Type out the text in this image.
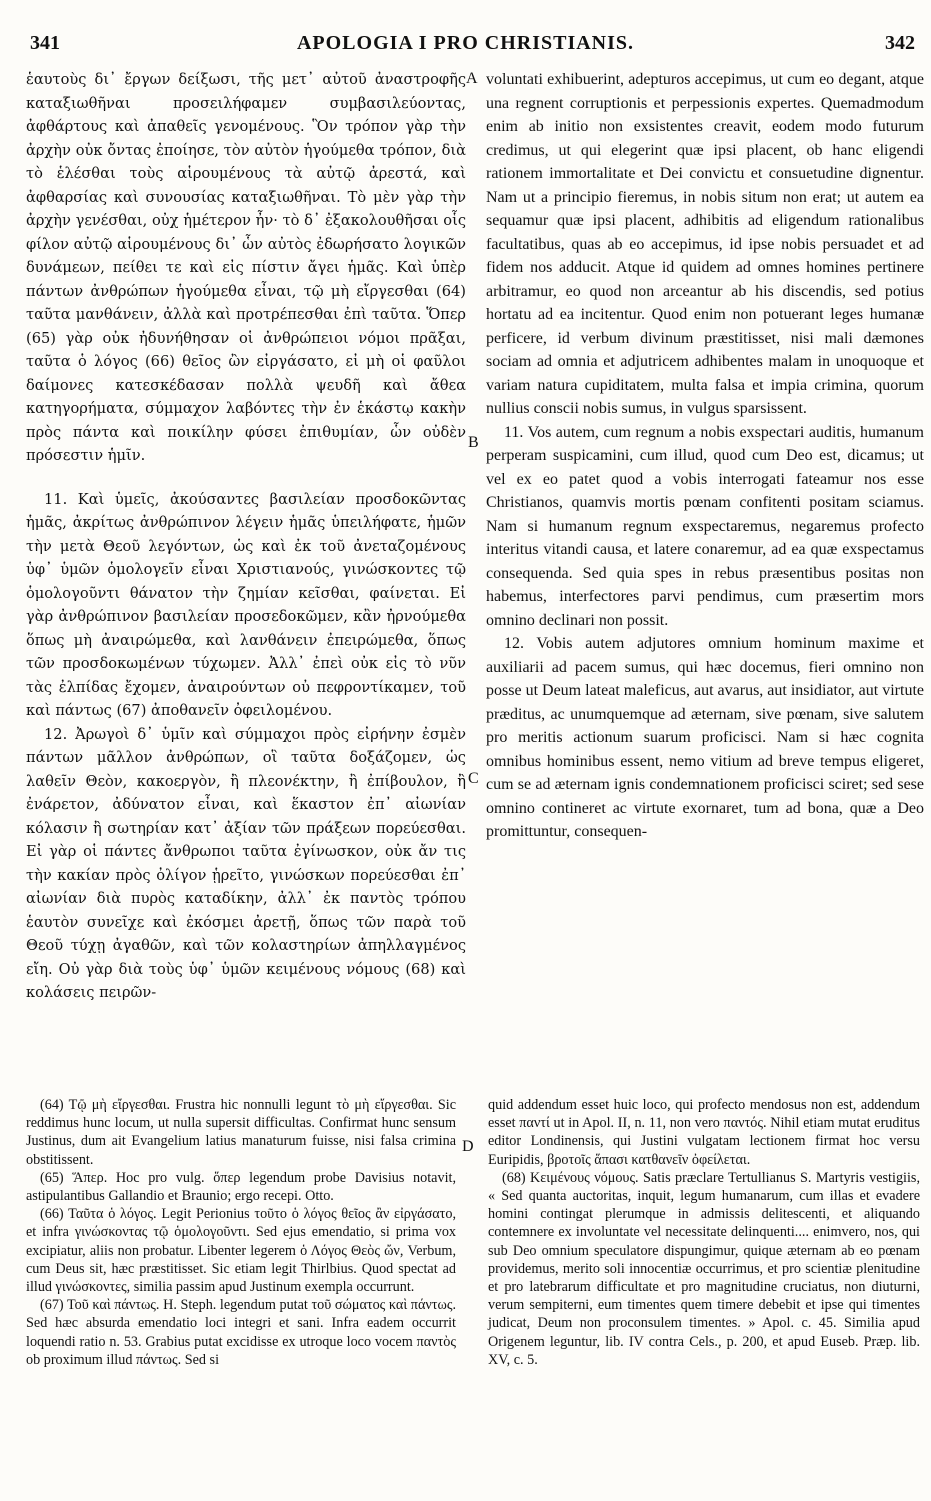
341	APOLOGIA I PRO CHRISTIANIS.	342

ἑαυτοὺς δι᾿ ἔργων δείξωσι, τῆς μετ᾿ αὐτοῦ ἀναστροφῆς καταξιωθῆναι προσειλήφαμεν συμβασιλεύοντας, ἀφθάρτους καὶ ἀπαθεῖς γενομένους. Ὃν τρόπον γὰρ τὴν ἀρχὴν οὐκ ὄντας ἐποίησε, τὸν αὐτὸν ἡγούμεθα τρόπον, διὰ τὸ ἑλέσθαι τοὺς αἱρουμένους τὰ αὐτῷ ἀρεστά, καὶ ἀφθαρσίας καὶ συνουσίας καταξιωθῆναι. Τὸ μὲν γὰρ τὴν ἀρχὴν γενέσθαι, οὐχ ἡμέτερον ἦν· τὸ δ᾿ ἐξακολουθῆσαι οἷς φίλον αὐτῷ αἱρουμένους δι᾿ ὧν αὐτὸς ἐδωρήσατο λογικῶν δυνάμεων, πείθει τε καὶ εἰς πίστιν ἄγει ἡμᾶς. Καὶ ὑπὲρ πάντων ἀνθρώπων ἡγούμεθα εἶναι, τῷ μὴ εἴργεσθαι (64) ταῦτα μανθάνειν, ἀλλὰ καὶ προτρέπεσθαι ἐπὶ ταῦτα. Ὅπερ (65) γὰρ οὐκ ἠδυνήθησαν οἱ ἀνθρώπειοι νόμοι πρᾶξαι, ταῦτα ὁ λόγος (66) θεῖος ὢν εἰργάσατο, εἰ μὴ οἱ φαῦλοι δαίμονες κατεσκέδασαν πολλὰ ψευδῆ καὶ ἄθεα κατηγορήματα, σύμμαχον λαβόντες τὴν ἐν ἑκάστῳ κακὴν πρὸς πάντα καὶ ποικίλην φύσει ἐπιθυμίαν, ὧν οὐδὲν πρόσεστιν ἡμῖν.

11. Καὶ ὑμεῖς, ἀκούσαντες βασιλείαν προσδοκῶντας ἡμᾶς, ἀκρίτως ἀνθρώπινον λέγειν ἡμᾶς ὑπειλήφατε, ἡμῶν τὴν μετὰ Θεοῦ λεγόντων, ὡς καὶ ἐκ τοῦ ἀνεταζομένους ὑφ᾿ ὑμῶν ὁμολογεῖν εἶναι Χριστιανούς, γινώσκοντες τῷ ὁμολογοῦντι θάνατον τὴν ζημίαν κεῖσθαι, φαίνεται. Εἰ γὰρ ἀνθρώπινον βασιλείαν προσεδοκῶμεν, κἂν ἠρνούμεθα ὅπως μὴ ἀναιρώμεθα, καὶ λανθάνειν ἐπειρώμεθα, ὅπως τῶν προσδοκωμένων τύχωμεν. Ἀλλ᾿ ἐπεὶ οὐκ εἰς τὸ νῦν τὰς ἐλπίδας ἔχομεν, ἀναιρούντων οὐ πεφροντίκαμεν, τοῦ καὶ πάντως (67) ἀποθανεῖν ὀφειλομένου.

12. Ἀρωγοὶ δ᾿ ὑμῖν καὶ σύμμαχοι πρὸς εἰρήνην ἐσμὲν πάντων μᾶλλον ἀνθρώπων, οἳ ταῦτα δοξάζομεν, ὡς λαθεῖν Θεὸν, κακοεργὸν, ἢ πλεονέκτην, ἢ ἐπίβουλον, ἢ ἐνάρετον, ἀδύνατον εἶναι, καὶ ἕκαστον ἐπ᾿ αἰωνίαν κόλασιν ἢ σωτηρίαν κατ᾿ ἀξίαν τῶν πράξεων πορεύεσθαι. Εἰ γὰρ οἱ πάντες ἄνθρωποι ταῦτα ἐγίνωσκον, οὐκ ἄν τις τὴν κακίαν πρὸς ὀλίγον ᾑρεῖτο, γινώσκων πορεύεσθαι ἐπ᾿ αἰωνίαν διὰ πυρὸς καταδίκην, ἀλλ᾿ ἐκ παντὸς τρόπου ἑαυτὸν συνεῖχε καὶ ἐκόσμει ἀρετῇ, ὅπως τῶν παρὰ τοῦ Θεοῦ τύχῃ ἀγαθῶν, καὶ τῶν κολαστηρίων ἀπηλλαγμένος εἴη. Οὐ γὰρ διὰ τοὺς ὑφ᾿ ὑμῶν κειμένους νόμους (68) καὶ κολάσεις πειρῶν-

A
B
C
D

voluntati exhibuerint, adepturos accepimus, ut cum eo degant, atque una regnent corruptionis et perpessionis expertes. Quemadmodum enim ab initio non exsistentes creavit, eodem modo futurum credimus, ut qui elegerint quæ ipsi placent, ob hanc eligendi rationem immortalitate et Dei convictu et consuetudine dignentur. Nam ut a principio fieremus, in nobis situm non erat; ut autem ea sequamur quæ ipsi placent, adhibitis ad eligendum rationalibus facultatibus, quas ab eo accepimus, id ipse nobis persuadet et ad fidem nos adducit. Atque id quidem ad omnes homines pertinere arbitramur, eo quod non arceantur ab his discendis, sed potius hortatu ad ea incitentur. Quod enim non potuerant leges humanæ perficere, id verbum divinum præstitisset, nisi mali dæmones sociam ad omnia et adjutricem adhibentes malam in unoquoque et variam natura cupiditatem, multa falsa et impia crimina, quorum nullius conscii nobis sumus, in vulgus sparsissent.

11. Vos autem, cum regnum a nobis exspectari auditis, humanum perperam suspicamini, cum illud, quod cum Deo est, dicamus; ut vel ex eo patet quod a vobis interrogati fateamur nos esse Christianos, quamvis mortis pœnam confitenti positam sciamus. Nam si humanum regnum exspectaremus, negaremus profecto interitus vitandi causa, et latere conaremur, ad ea quæ exspectamus consequenda. Sed quia spes in rebus præsentibus positas non habemus, interfectores parvi pendimus, cum præsertim mors omnino declinari non possit.

12. Vobis autem adjutores omnium hominum maxime et auxiliarii ad pacem sumus, qui hæc docemus, fieri omnino non posse ut Deum lateat maleficus, aut avarus, aut insidiator, aut virtute præditus, ac unumquemque ad æternam, sive pœnam, sive salutem pro meritis actionum suarum proficisci. Nam si hæc cognita omnibus hominibus essent, nemo vitium ad breve tempus eligeret, cum se ad æternam ignis condemnationem proficisci sciret; sed sese omnino contineret ac virtute exornaret, tum ad bona, quæ a Deo promittuntur, consequen-

(64) Τῷ μὴ εἴργεσθαι. Frustra hic nonnulli legunt τὸ μὴ εἴργεσθαι. Sic reddimus hunc locum, ut nulla supersit difficultas. Confirmat hunc sensum Justinus, dum ait Evangelium latius manaturum fuisse, nisi falsa crimina obstitissent.

(65) Ἅπερ. Hoc pro vulg. ὅπερ legendum probe Davisius notavit, astipulantibus Gallandio et Braunio; ergo recepi. Otto.

(66) Ταῦτα ὁ λόγος. Legit Perionius τοῦτο ὁ λόγος θεῖος ἂν εἰργάσατο, et infra γινώσκοντας τῷ ὁμολογοῦντι. Sed ejus emendatio, si prima vox excipiatur, aliis non probatur. Libenter legerem ὁ Λόγος Θεὸς ὤν, Verbum, cum Deus sit, hæc præstitisset. Sic etiam legit Thirlbius. Quod spectat ad illud γινώσκοντες, similia passim apud Justinum exempla occurrunt.

(67) Τοῦ καὶ πάντως. H. Steph. legendum putat τοῦ σώματος καὶ πάντως. Sed hæc absurda emendatio loci integri et sani. Infra eadem occurrit loquendi ratio n. 53. Grabius putat excidisse ex utroque loco vocem παντὸς ob proximum illud πάντως. Sed si

quid addendum esset huic loco, qui profecto mendosus non est, addendum esset παντί ut in Apol. II, n. 11, non vero παντός. Nihil etiam mutat eruditus editor Londinensis, qui Justini vulgatam lectionem firmat hoc versu Euripidis, βροτοῖς ἅπασι κατθανεῖν ὀφείλεται.

(68) Κειμένους νόμους. Satis præclare Tertullianus S. Martyris vestigiis, « Sed quanta auctoritas, inquit, legum humanarum, cum illas et evadere homini contingat plerumque in admissis delitescenti, et aliquando contemnere ex involuntate vel necessitate delinquenti.... enimvero, nos, qui sub Deo omnium speculatore dispungimur, quique æternam ab eo pœnam providemus, merito soli innocentiæ occurrimus, et pro scientiæ plenitudine et pro latebrarum difficultate et pro magnitudine cruciatus, non diuturni, verum sempiterni, eum timentes quem timere debebit et ipse qui timentes judicat, Deum non proconsulem timentes. » Apol. c. 45. Similia apud Origenem leguntur, lib. IV contra Cels., p. 200, et apud Euseb. Præp. lib. XV, c. 5.
